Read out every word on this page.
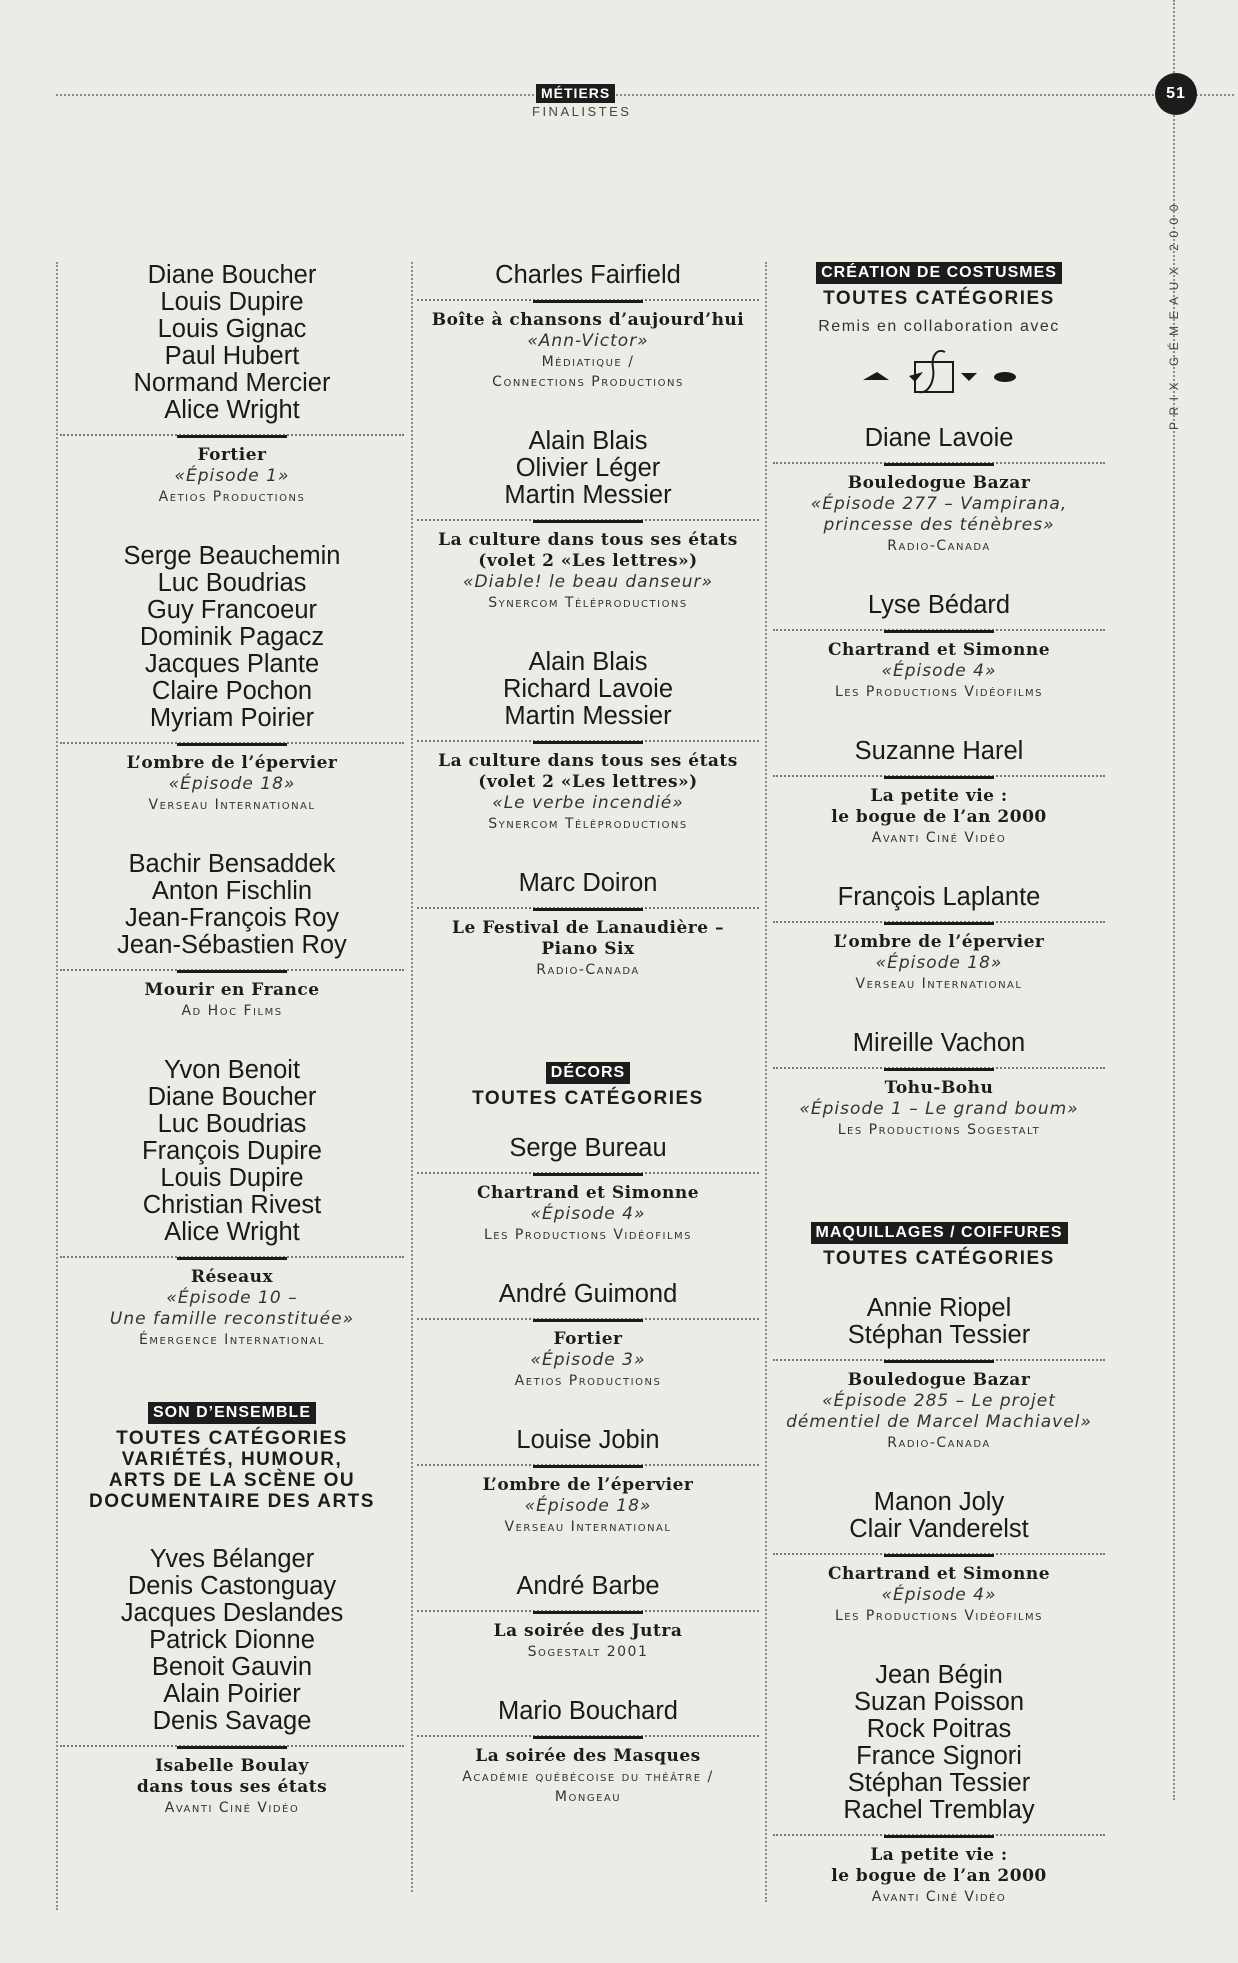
MÉTIERS
FINALISTES
51
PRIX GÉMEAUX 2000
Diane Boucher
Louis Dupire
Louis Gignac
Paul Hubert
Normand Mercier
Alice Wright
Fortier
«Épisode 1»
Aetios Productions
Serge Beauchemin
Luc Boudrias
Guy Francoeur
Dominik Pagacz
Jacques Plante
Claire Pochon
Myriam Poirier
L’ombre de l’épervier
«Épisode 18»
Verseau International
Bachir Bensaddek
Anton Fischlin
Jean-François Roy
Jean-Sébastien Roy
Mourir en France
Ad Hoc Films
Yvon Benoit
Diane Boucher
Luc Boudrias
François Dupire
Louis Dupire
Christian Rivest
Alice Wright
Réseaux
«Épisode 10 –
Une famille reconstituée»
Émergence International
SON D’ENSEMBLE
TOUTES CATÉGORIES
VARIÉTÉS, HUMOUR,
ARTS DE LA SCÈNE OU
DOCUMENTAIRE DES ARTS
Yves Bélanger
Denis Castonguay
Jacques Deslandes
Patrick Dionne
Benoit Gauvin
Alain Poirier
Denis Savage
Isabelle Boulay
dans tous ses états
Avanti Ciné Vidéo
Charles Fairfield
Boîte à chansons d’aujourd’hui
«Ann-Victor»
Médiatique /
Connections Productions
Alain Blais
Olivier Léger
Martin Messier
La culture dans tous ses états
(volet 2 «Les lettres»)
«Diable! le beau danseur»
Synercom Téléproductions
Alain Blais
Richard Lavoie
Martin Messier
La culture dans tous ses états
(volet 2 «Les lettres»)
«Le verbe incendié»
Synercom Téléproductions
Marc Doiron
Le Festival de Lanaudière –
Piano Six
Radio-Canada
DÉCORS
TOUTES CATÉGORIES
Serge Bureau
Chartrand et Simonne
«Épisode 4»
Les Productions Vidéofilms
André Guimond
Fortier
«Épisode 3»
Aetios Productions
Louise Jobin
L’ombre de l’épervier
«Épisode 18»
Verseau International
André Barbe
La soirée des Jutra
Sogestalt 2001
Mario Bouchard
La soirée des Masques
Académie québécoise du théâtre /
Mongeau
CRÉATION DE COSTUSMES
TOUTES CATÉGORIES
Remis en collaboration avec
Diane Lavoie
Bouledogue Bazar
«Épisode 277 – Vampirana,
princesse des ténèbres»
Radio-Canada
Lyse Bédard
Chartrand et Simonne
«Épisode 4»
Les Productions Vidéofilms
Suzanne Harel
La petite vie :
le bogue de l’an 2000
Avanti Ciné Vidéo
François Laplante
L’ombre de l’épervier
«Épisode 18»
Verseau International
Mireille Vachon
Tohu-Bohu
«Épisode 1 – Le grand boum»
Les Productions Sogestalt
MAQUILLAGES / COIFFURES
TOUTES CATÉGORIES
Annie Riopel
Stéphan Tessier
Bouledogue Bazar
«Épisode 285 – Le projet
démentiel de Marcel Machiavel»
Radio-Canada
Manon Joly
Clair Vanderelst
Chartrand et Simonne
«Épisode 4»
Les Productions Vidéofilms
Jean Bégin
Suzan Poisson
Rock Poitras
France Signori
Stéphan Tessier
Rachel Tremblay
La petite vie :
le bogue de l’an 2000
Avanti Ciné Vidéo
